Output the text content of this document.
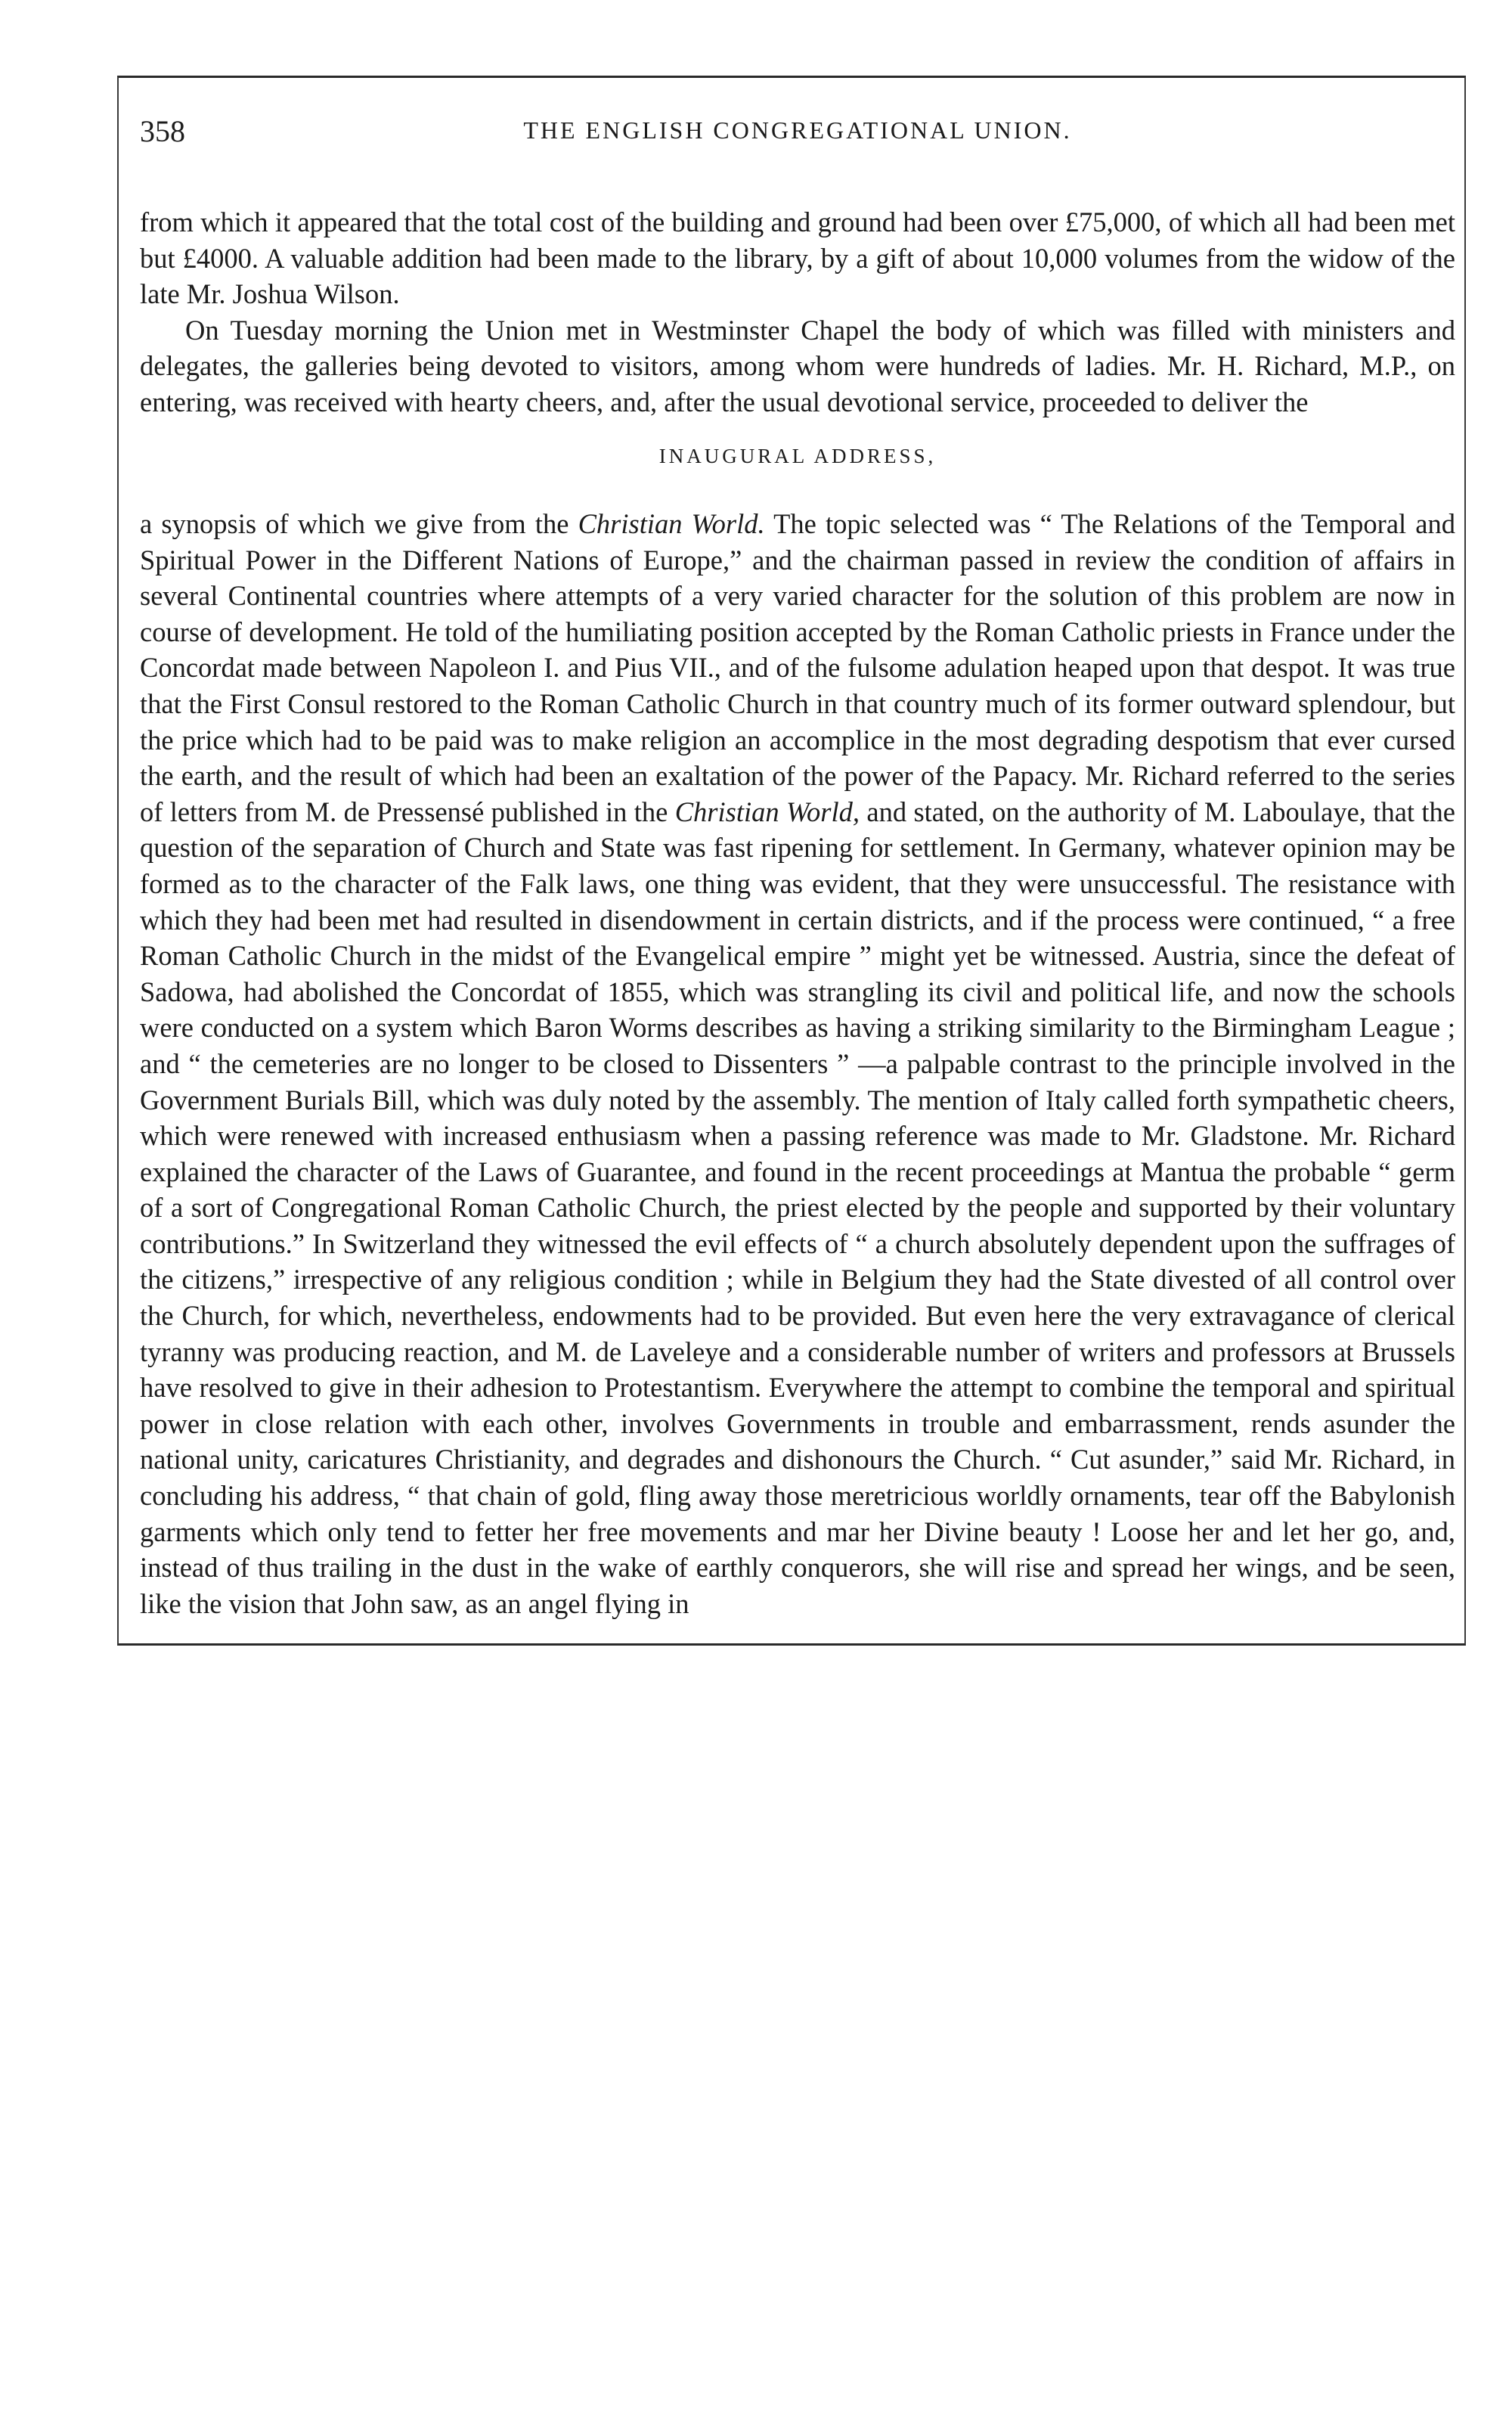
358	THE ENGLISH CONGREGATIONAL UNION.

from which it appeared that the total cost of the building and ground had been over £75,000, of which all had been met but £4000. A valuable addition had been made to the library, by a gift of about 10,000 volumes from the widow of the late Mr. Joshua Wilson.

On Tuesday morning the Union met in Westminster Chapel the body of which was filled with ministers and delegates, the galleries being devoted to visitors, among whom were hundreds of ladies. Mr. H. Richard, M.P., on entering, was received with hearty cheers, and, after the usual devotional service, proceeded to deliver the

INAUGURAL ADDRESS,

a synopsis of which we give from the Christian World. The topic selected was “ The Relations of the Temporal and Spiritual Power in the Different Nations of Europe,” and the chairman passed in review the condition of affairs in several Continental countries where attempts of a very varied character for the solution of this problem are now in course of development. He told of the humiliating position accepted by the Roman Catholic priests in France under the Concordat made between Napoleon I. and Pius VII., and of the fulsome adulation heaped upon that despot. It was true that the First Consul restored to the Roman Catholic Church in that country much of its former outward splendour, but the price which had to be paid was to make religion an accomplice in the most degrading despotism that ever cursed the earth, and the result of which had been an exaltation of the power of the Papacy. Mr. Richard referred to the series of letters from M. de Pressensé published in the Christian World, and stated, on the authority of M. Laboulaye, that the question of the separation of Church and State was fast ripening for settlement. In Germany, whatever opinion may be formed as to the character of the Falk laws, one thing was evident, that they were unsuccessful. The resistance with which they had been met had resulted in disendowment in certain districts, and if the process were continued, “ a free Roman Catholic Church in the midst of the Evangelical empire ” might yet be witnessed. Austria, since the defeat of Sadowa, had abolished the Concordat of 1855, which was strangling its civil and political life, and now the schools were conducted on a system which Baron Worms describes as having a striking similarity to the Birmingham League ; and “ the cemeteries are no longer to be closed to Dissenters ” —a palpable contrast to the principle involved in the Government Burials Bill, which was duly noted by the assembly. The mention of Italy called forth sympathetic cheers, which were renewed with increased enthusiasm when a passing reference was made to Mr. Gladstone. Mr. Richard explained the character of the Laws of Guarantee, and found in the recent proceedings at Mantua the probable “ germ of a sort of Congregational Roman Catholic Church, the priest elected by the people and supported by their voluntary contributions.” In Switzerland they witnessed the evil effects of “ a church absolutely dependent upon the suffrages of the citizens,” irrespective of any religious condition ; while in Belgium they had the State divested of all control over the Church, for which, nevertheless, endowments had to be provided. But even here the very extravagance of clerical tyranny was producing reaction, and M. de Laveleye and a considerable number of writers and professors at Brussels have resolved to give in their adhesion to Protestantism. Everywhere the attempt to combine the temporal and spiritual power in close relation with each other, involves Governments in trouble and embarrassment, rends asunder the national unity, caricatures Christianity, and degrades and dishonours the Church. “ Cut asunder,” said Mr. Richard, in concluding his address, “ that chain of gold, fling away those meretricious worldly ornaments, tear off the Babylonish garments which only tend to fetter her free movements and mar her Divine beauty ! Loose her and let her go, and, instead of thus trailing in the dust in the wake of earthly conquerors, she will rise and spread her wings, and be seen, like the vision that John saw, as an angel flying in
